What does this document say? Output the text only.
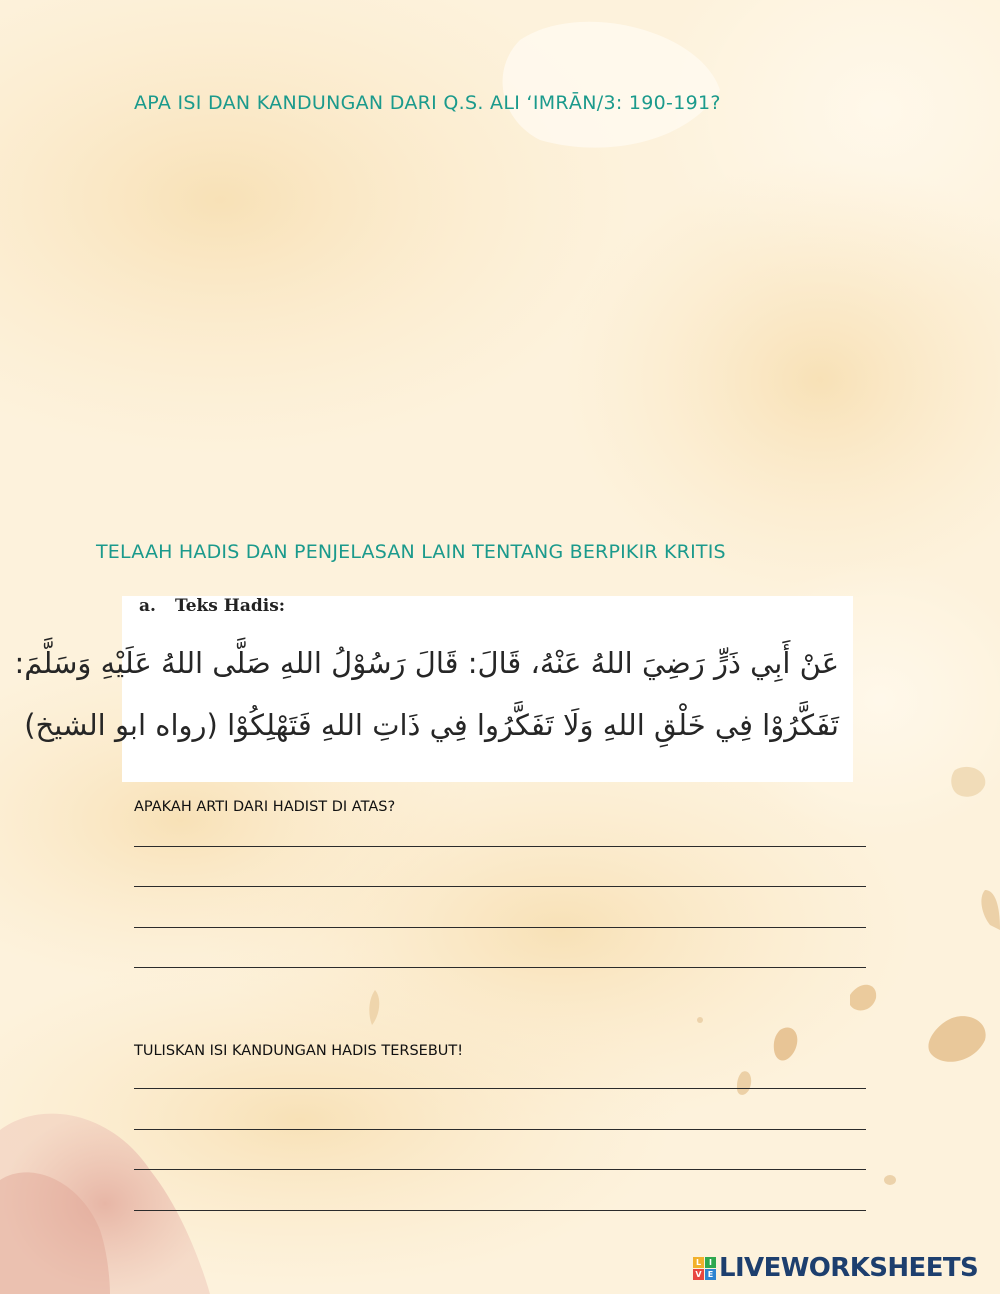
APA ISI DAN KANDUNGAN DARI Q.S. ALI ‘IMRĀN/3: 190-191?
TELAAH HADIS DAN PENJELASAN LAIN TENTANG BERPIKIR KRITIS
a. Teks Hadis:
عَنْ أَبِي ذَرٍّ رَضِيَ اللهُ عَنْهُ، قَالَ: قَالَ رَسُوْلُ اللهِ صَلَّى اللهُ عَلَيْهِ وَسَلَّمَ:
تَفَكَّرُوْا فِي خَلْقِ اللهِ وَلَا تَفَكَّرُوا فِي ذَاتِ اللهِ فَتَهْلِكُوْا (رواه ابو الشيخ)

APAKAH ARTI DARI HADIST DI ATAS?

TULISKAN ISI KANDUNGAN HADIS TERSEBUT!

L I
V E LIVEWORKSHEETS
